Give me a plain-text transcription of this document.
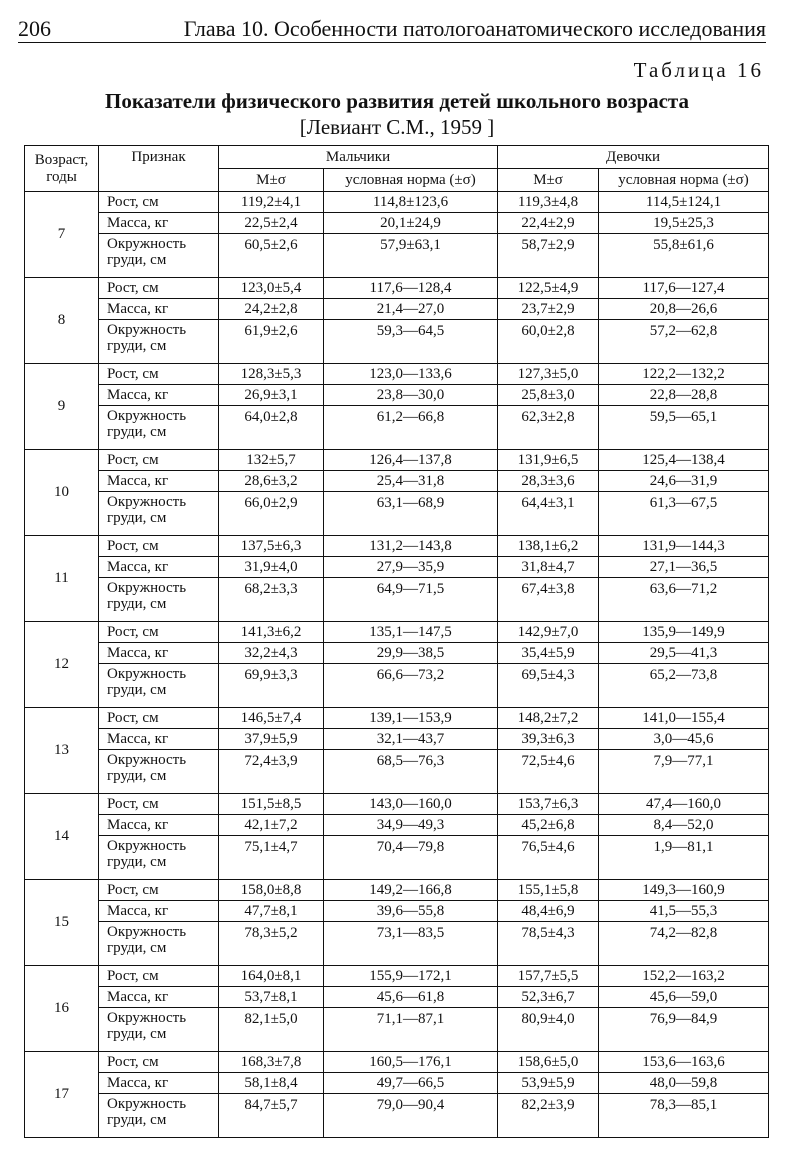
206	Глава 10. Особенности патологоанатомического исследования
Таблица 16
Показатели физического развития детей школьного возраста
[Левиант С.М., 1959 ]
Возраст, годы	Признак	Мальчики		Девочки	
		M±σ	условная норма (±σ)	M±σ	условная норма (±σ)
7	Рост, см	119,2±4,1	114,8±123,6	119,3±4,8	114,5±124,1
	Масса, кг	22,5±2,4	20,1±24,9	22,4±2,9	19,5±25,3
	Окружность груди, см	60,5±2,6	57,9±63,1	58,7±2,9	55,8±61,6
8	Рост, см	123,0±5,4	117,6—128,4	122,5±4,9	117,6—127,4
	Масса, кг	24,2±2,8	21,4—27,0	23,7±2,9	20,8—26,6
	Окружность груди, см	61,9±2,6	59,3—64,5	60,0±2,8	57,2—62,8
9	Рост, см	128,3±5,3	123,0—133,6	127,3±5,0	122,2—132,2
	Масса, кг	26,9±3,1	23,8—30,0	25,8±3,0	22,8—28,8
	Окружность груди, см	64,0±2,8	61,2—66,8	62,3±2,8	59,5—65,1
10	Рост, см	132±5,7	126,4—137,8	131,9±6,5	125,4—138,4
	Масса, кг	28,6±3,2	25,4—31,8	28,3±3,6	24,6—31,9
	Окружность груди, см	66,0±2,9	63,1—68,9	64,4±3,1	61,3—67,5
11	Рост, см	137,5±6,3	131,2—143,8	138,1±6,2	131,9—144,3
	Масса, кг	31,9±4,0	27,9—35,9	31,8±4,7	27,1—36,5
	Окружность груди, см	68,2±3,3	64,9—71,5	67,4±3,8	63,6—71,2
12	Рост, см	141,3±6,2	135,1—147,5	142,9±7,0	135,9—149,9
	Масса, кг	32,2±4,3	29,9—38,5	35,4±5,9	29,5—41,3
	Окружность груди, см	69,9±3,3	66,6—73,2	69,5±4,3	65,2—73,8
13	Рост, см	146,5±7,4	139,1—153,9	148,2±7,2	141,0—155,4
	Масса, кг	37,9±5,9	32,1—43,7	39,3±6,3	3,0—45,6
	Окружность груди, см	72,4±3,9	68,5—76,3	72,5±4,6	7,9—77,1
14	Рост, см	151,5±8,5	143,0—160,0	153,7±6,3	47,4—160,0
	Масса, кг	42,1±7,2	34,9—49,3	45,2±6,8	8,4—52,0
	Окружность груди, см	75,1±4,7	70,4—79,8	76,5±4,6	1,9—81,1
15	Рост, см	158,0±8,8	149,2—166,8	155,1±5,8	149,3—160,9
	Масса, кг	47,7±8,1	39,6—55,8	48,4±6,9	41,5—55,3
	Окружность груди, см	78,3±5,2	73,1—83,5	78,5±4,3	74,2—82,8
16	Рост, см	164,0±8,1	155,9—172,1	157,7±5,5	152,2—163,2
	Масса, кг	53,7±8,1	45,6—61,8	52,3±6,7	45,6—59,0
	Окружность груди, см	82,1±5,0	71,1—87,1	80,9±4,0	76,9—84,9
17	Рост, см	168,3±7,8	160,5—176,1	158,6±5,0	153,6—163,6
	Масса, кг	58,1±8,4	49,7—66,5	53,9±5,9	48,0—59,8
	Окружность груди, см	84,7±5,7	79,0—90,4	82,2±3,9	78,3—85,1
